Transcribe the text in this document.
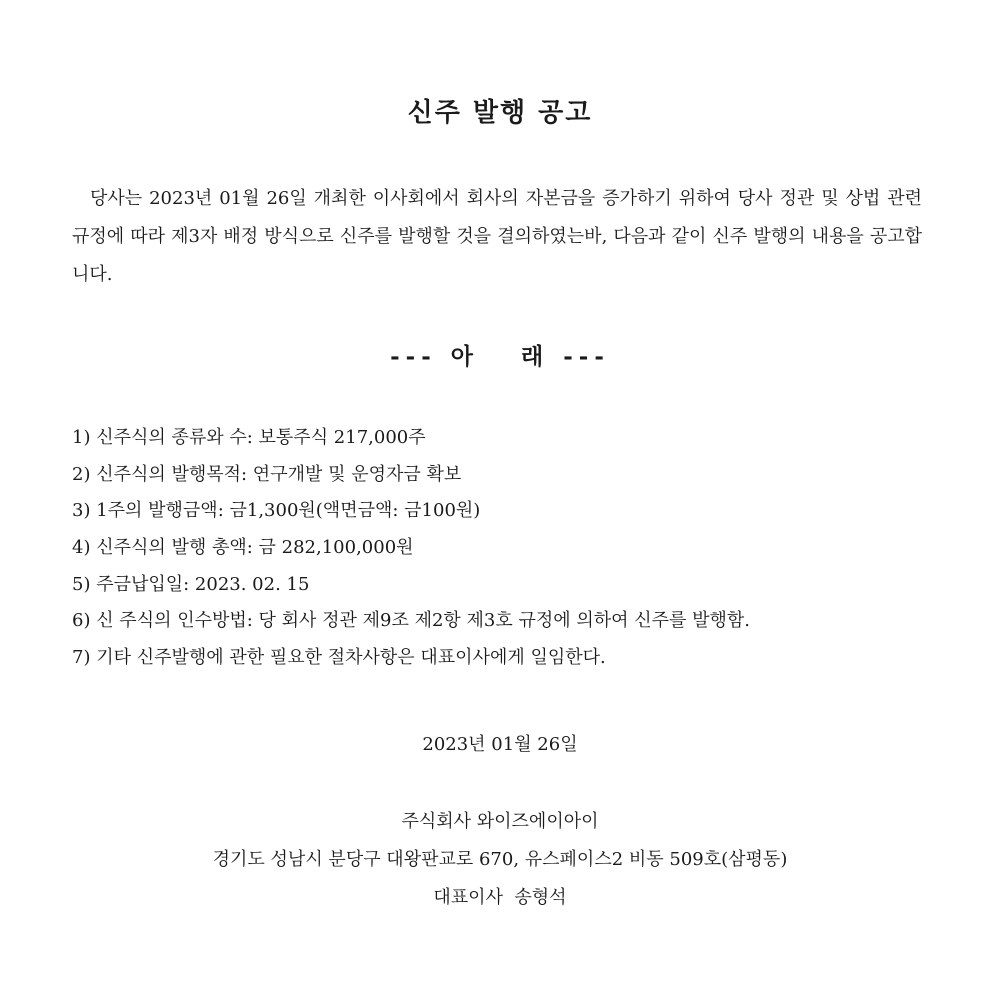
신주 발행 공고

당사는 2023년 01월 26일 개최한 이사회에서 회사의 자본금을 증가하기 위하여 당사 정관 및 상법 관련 규정에 따라 제3자 배정 방식으로 신주를 발행할 것을 결의하였는바, 다음과 같이 신주 발행의 내용을 공고합니다.

--- 아   래 ---
1) 신주식의 종류와 수: 보통주식 217,000주
2) 신주식의 발행목적: 연구개발 및 운영자금 확보
3) 1주의 발행금액: 금1,300원(액면금액: 금100원)
4) 신주식의 발행 총액: 금 282,100,000원
5) 주금납입일: 2023. 02. 15
6) 신 주식의 인수방법: 당 회사 정관 제9조 제2항 제3호 규정에 의하여 신주를 발행함.
7) 기타 신주발행에 관한 필요한 절차사항은 대표이사에게 일임한다.
2023년 01월 26일
주식회사 와이즈에이아이
경기도 성남시 분당구 대왕판교로 670, 유스페이스2 비동 509호(삼평동)
대표이사  송형석
